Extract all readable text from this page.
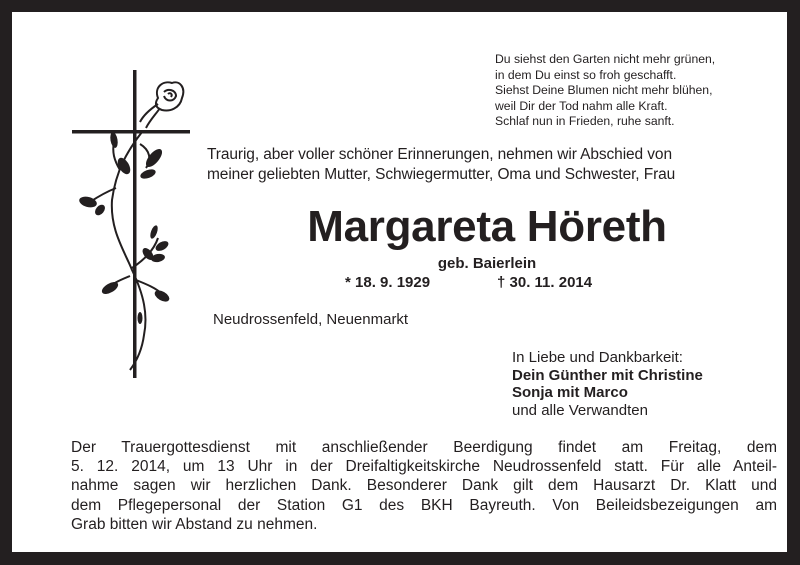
Du siehst den Garten nicht mehr grünen,
in dem Du einst so froh geschafft.
Siehst Deine Blumen nicht mehr blühen,
weil Dir der Tod nahm alle Kraft.
Schlaf nun in Frieden, ruhe sanft.
Traurig, aber voller schöner Erinnerungen, nehmen wir Abschied von
meiner geliebten Mutter, Schwiegermutter, Oma und Schwester, Frau
Margareta Höreth
geb. Baierlein
* 18. 9. 1929	† 30. 11. 2014
Neudrossenfeld, Neuenmarkt
In Liebe und Dankbarkeit:
Dein Günther mit Christine
Sonja mit Marco
und alle Verwandten
Der Trauergottesdienst mit anschließender Beerdigung findet am Freitag, dem
5. 12. 2014, um 13 Uhr in der Dreifaltigkeitskirche Neudrossenfeld statt. Für alle Anteil-
nahme sagen wir herzlichen Dank. Besonderer Dank gilt dem Hausarzt Dr. Klatt und
dem Pflegepersonal der Station G1 des BKH Bayreuth. Von Beileidsbezeigungen am
Grab bitten wir Abstand zu nehmen.
